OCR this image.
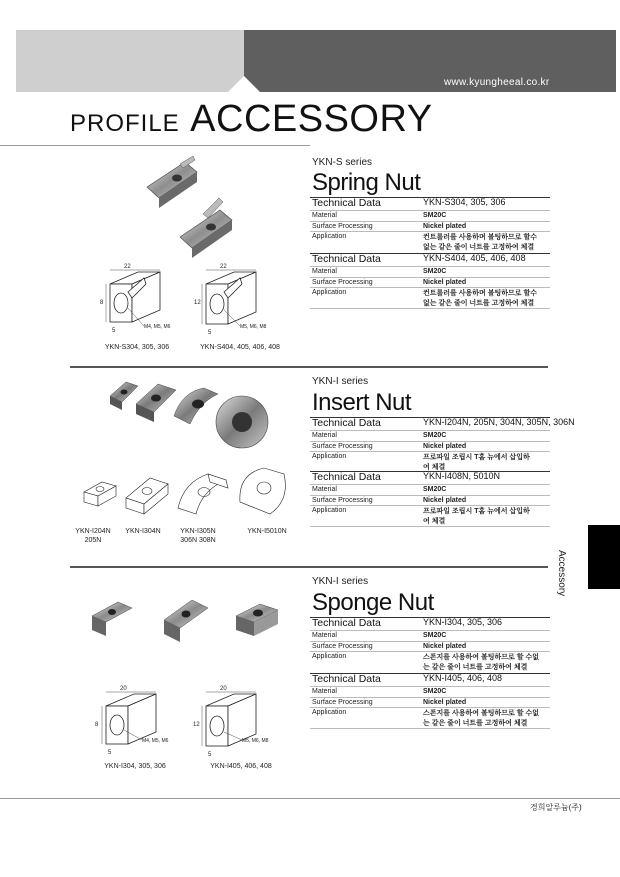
www.kyungheeal.co.kr
PROFILE ACCESSORY
22
8
5
M4, M5, M6
22
12
5
M5, M6, M8
YKN-S304, 305, 306	YKN-S404, 405, 406, 408
YKN-S series
Spring Nut
Technical Data	YKN-S304, 305, 306
Material	SM20C
Surface Processing	Nickel plated
Application	컨트롤러를 사용하며 볼팅하므로 할수없는 같은 줄이 너트를 고정하여 체결
Technical Data	YKN-S404, 405, 406, 408
Material	SM20C
Surface Processing	Nickel plated
Application	컨트롤러를 사용하며 볼팅하므로 할수없는 같은 줄이 너트를 고정하여 체결
YKN-I204N 205N
YKN-I304N	YKN-I305N 306N 308N
YKN-I5010N
YKN-I series
Insert Nut
Technical Data	YKN-I204N, 205N, 304N, 305N, 306N
Material	SM20C
Surface Processing	Nickel plated
Application	프로파일 조립시 T홈 뉴에서 삽입하여 체결
Technical Data	YKN-I408N, 5010N
Material	SM20C
Surface Processing	Nickel plated
Application	프로파일 조립시 T홈 뉴에서 삽입하여 체결
20
8
5
M4, M5, M6
20
12
5
M5, M6, M8
YKN-I304, 305, 306	YKN-I405, 406, 408
YKN-I series
Sponge Nut
Technical Data	YKN-I304, 305, 306
Material	SM20C
Surface Processing	Nickel plated
Application	스폰지를 사용하여 볼팅하므로 할 수없는 같은 줄이 너트를 고정하여 체결
Technical Data	YKN-I405, 406, 408
Material	SM20C
Surface Processing	Nickel plated
Application	스폰지를 사용하여 볼팅하므로 할 수없는 같은 줄이 너트를 고정하여 체결
Accessory
경희알루늄(주)
